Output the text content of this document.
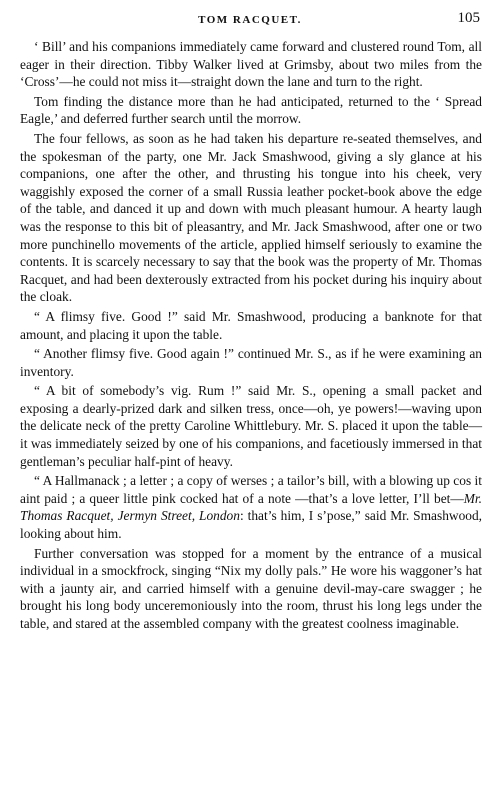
TOM RACQUET.	105

‘ Bill’ and his companions immediately came forward and clustered round Tom, all eager in their direction. Tibby Walker lived at Grimsby, about two miles from the ‘Cross’—he could not miss it—straight down the lane and turn to the right.

Tom finding the distance more than he had anticipated, returned to the ‘ Spread Eagle,’ and deferred further search until the morrow.

The four fellows, as soon as he had taken his departure re-seated themselves, and the spokesman of the party, one Mr. Jack Smashwood, giving a sly glance at his companions, one after the other, and thrusting his tongue into his cheek, very waggishly exposed the corner of a small Russia leather pocket-book above the edge of the table, and danced it up and down with much pleasant humour. A hearty laugh was the response to this bit of pleasantry, and Mr. Jack Smashwood, after one or two more punchinello movements of the article, applied himself seriously to examine the contents. It is scarcely necessary to say that the book was the property of Mr. Thomas Racquet, and had been dexterously extracted from his pocket during his inquiry about the cloak.

“ A flimsy five. Good !” said Mr. Smashwood, producing a banknote for that amount, and placing it upon the table.

“ Another flimsy five. Good again !” continued Mr. S., as if he were examining an inventory.

“ A bit of somebody’s vig. Rum !” said Mr. S., opening a small packet and exposing a dearly-prized dark and silken tress, once—oh, ye powers!—waving upon the delicate neck of the pretty Caroline Whittlebury. Mr. S. placed it upon the table—it was immediately seized by one of his companions, and facetiously immersed in that gentleman’s peculiar half-pint of heavy.

“ A Hallmanack ; a letter ; a copy of werses ; a tailor’s bill, with a blowing up cos it aint paid ; a queer little pink cocked hat of a note —that’s a love letter, I’ll bet—Mr. Thomas Racquet, Jermyn Street, London: that’s him, I s’pose,” said Mr. Smashwood, looking about him.

Further conversation was stopped for a moment by the entrance of a musical individual in a smockfrock, singing “Nix my dolly pals.” He wore his waggoner’s hat with a jaunty air, and carried himself with a genuine devil-may-care swagger ; he brought his long body unceremoniously into the room, thrust his long legs under the table, and stared at the assembled company with the greatest coolness imaginable.
